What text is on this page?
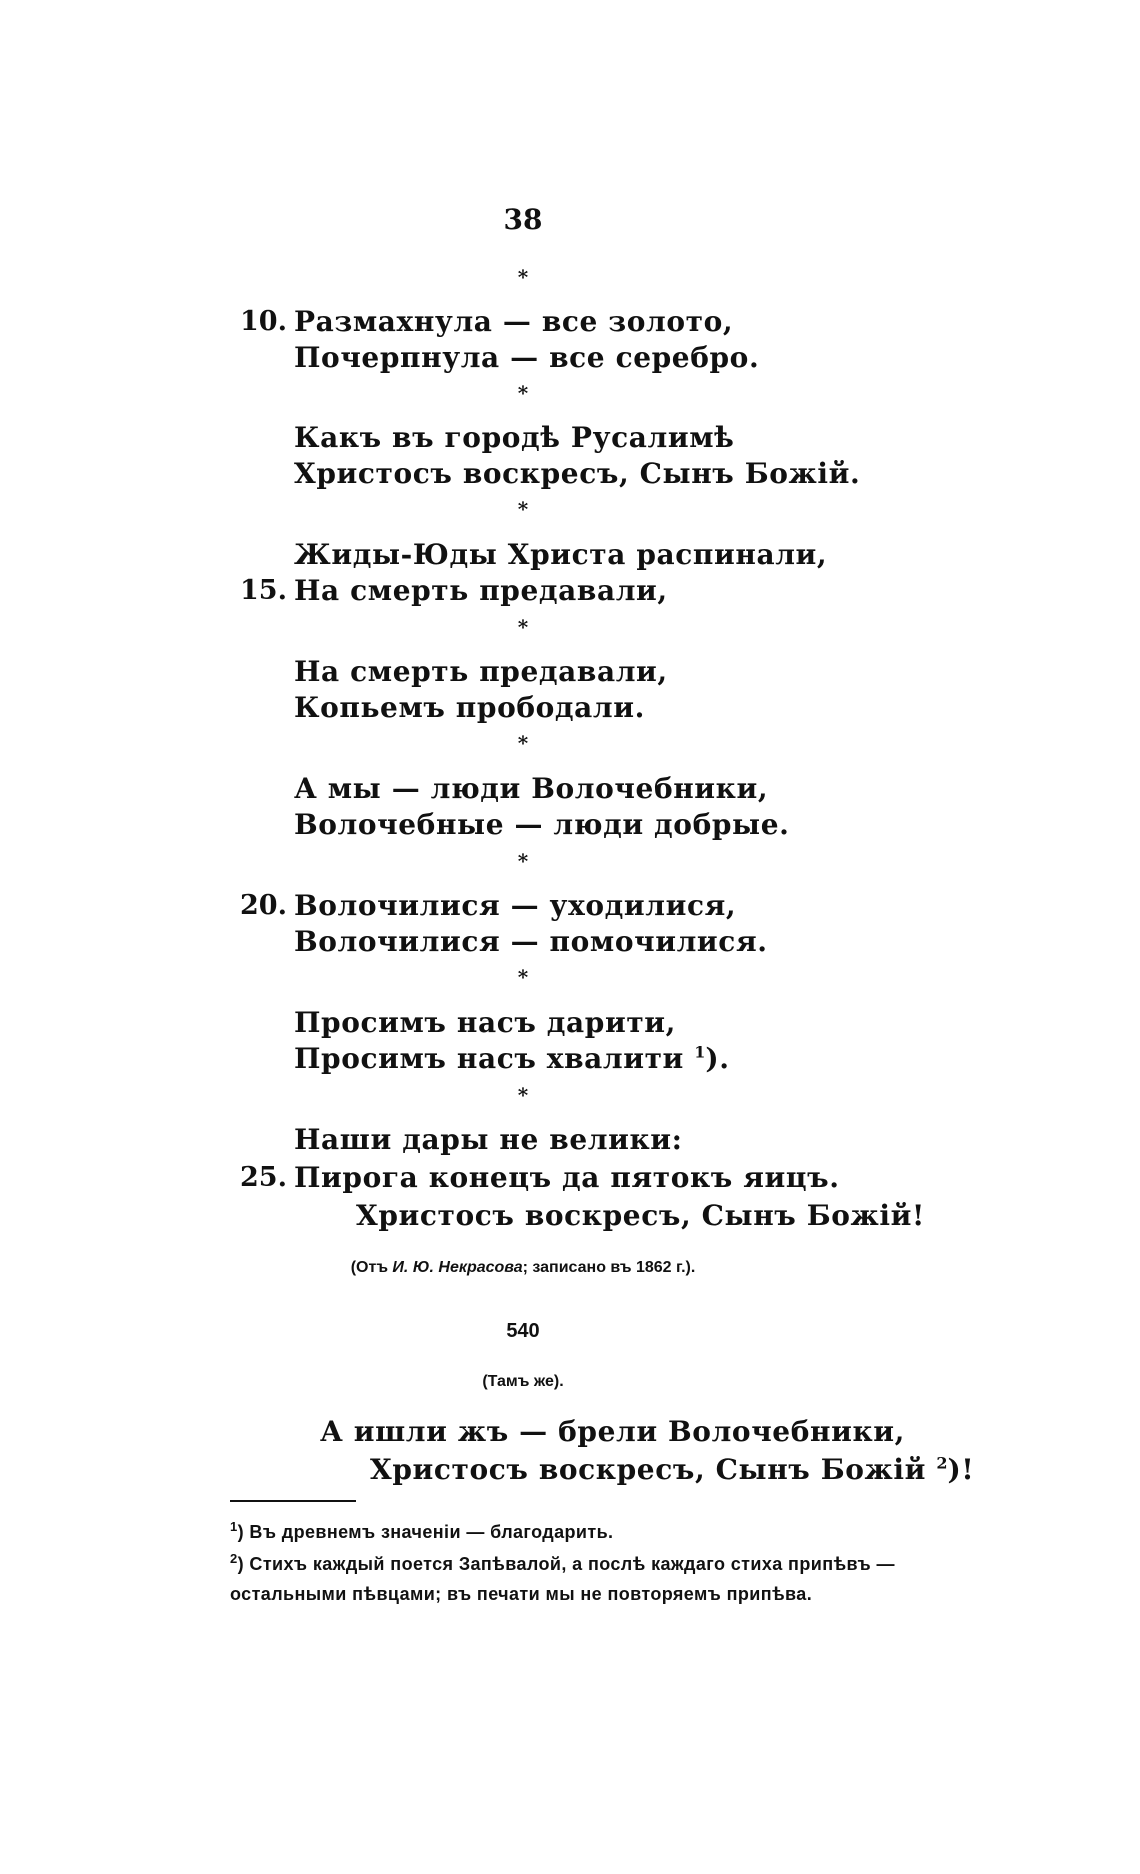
38
*
10. Размахнула — все золото,
Почерпнула — все серебро.
*
Какъ въ городѣ Русалимѣ
Христосъ воскресъ, Сынъ Божій.
*
Жиды-Юды Христа распинали,
15. На смерть предавали,
*
На смерть предавали,
Копьемъ прободали.
*
А мы — люди Волочебники,
Волочебные — люди добрые.
*
20. Волочилися — уходилися,
Волочилися — помочилися.
*
Просимъ насъ дарити,
Просимъ насъ хвалити $^1$).
*
Наши дары не велики:
25. Пирога конецъ да пятокъ яицъ.
Христосъ воскресъ, Сынъ Божій!
(Отъ И. Ю. Некрасова; записано въ 1862 г.).
540
(Тамъ же).
А ишли жъ — брели Волочебники,
Христосъ воскресъ, Сынъ Божій $^2$)!
$^1$) Въ древнемъ значеніи — благодарить.
$^2$) Стихъ каждый поется Запѣвалой, а послѣ каждаго стиха припѣвъ —
остальными пѣвцами; въ печати мы не повторяемъ припѣва.
